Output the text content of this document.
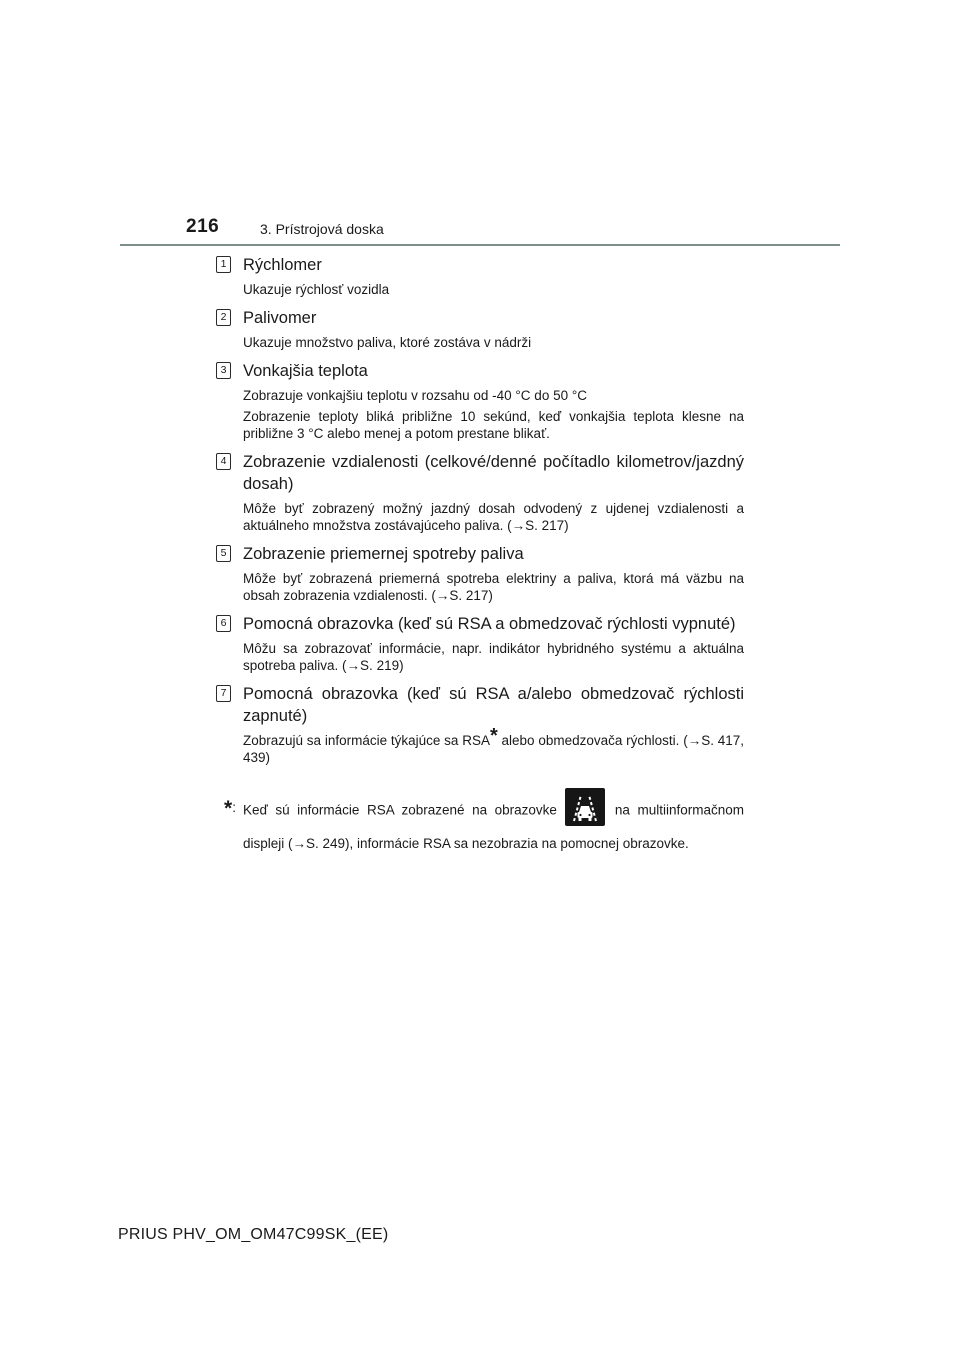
216	3. Prístrojová doska
1 Rýchlomer
Ukazuje rýchlosť vozidla
2 Palivomer
Ukazuje množstvo paliva, ktoré zostáva v nádrži
3 Vonkajšia teplota
Zobrazuje vonkajšiu teplotu v rozsahu od -40 °C do 50 °C
Zobrazenie teploty bliká približne 10 sekúnd, keď vonkajšia teplota klesne na približne 3 °C alebo menej a potom prestane blikať.
4 Zobrazenie vzdialenosti (celkové/denné počítadlo kilometrov/jazdný dosah)
Môže byť zobrazený možný jazdný dosah odvodený z ujdenej vzdialenosti a aktuálneho množstva zostávajúceho paliva. (→S. 217)
5 Zobrazenie priemernej spotreby paliva
Môže byť zobrazená priemerná spotreba elektriny a paliva, ktorá má väzbu na obsah zobrazenia vzdialenosti. (→S. 217)
6 Pomocná obrazovka (keď sú RSA a obmedzovač rýchlosti vypnuté)
Môžu sa zobrazovať informácie, napr. indikátor hybridného systému a aktuálna spotreba paliva. (→S. 219)
7 Pomocná obrazovka (keď sú RSA a/alebo obmedzovač rýchlosti zapnuté)
Zobrazujú sa informácie týkajúce sa RSA* alebo obmedzovača rýchlosti. (→S. 417, 439)
*: Keď sú informácie RSA zobrazené na obrazovke	na multiinformačnom displeji (→S. 249), informácie RSA sa nezobrazia na pomocnej obrazovke.
PRIUS PHV_OM_OM47C99SK_(EE)
